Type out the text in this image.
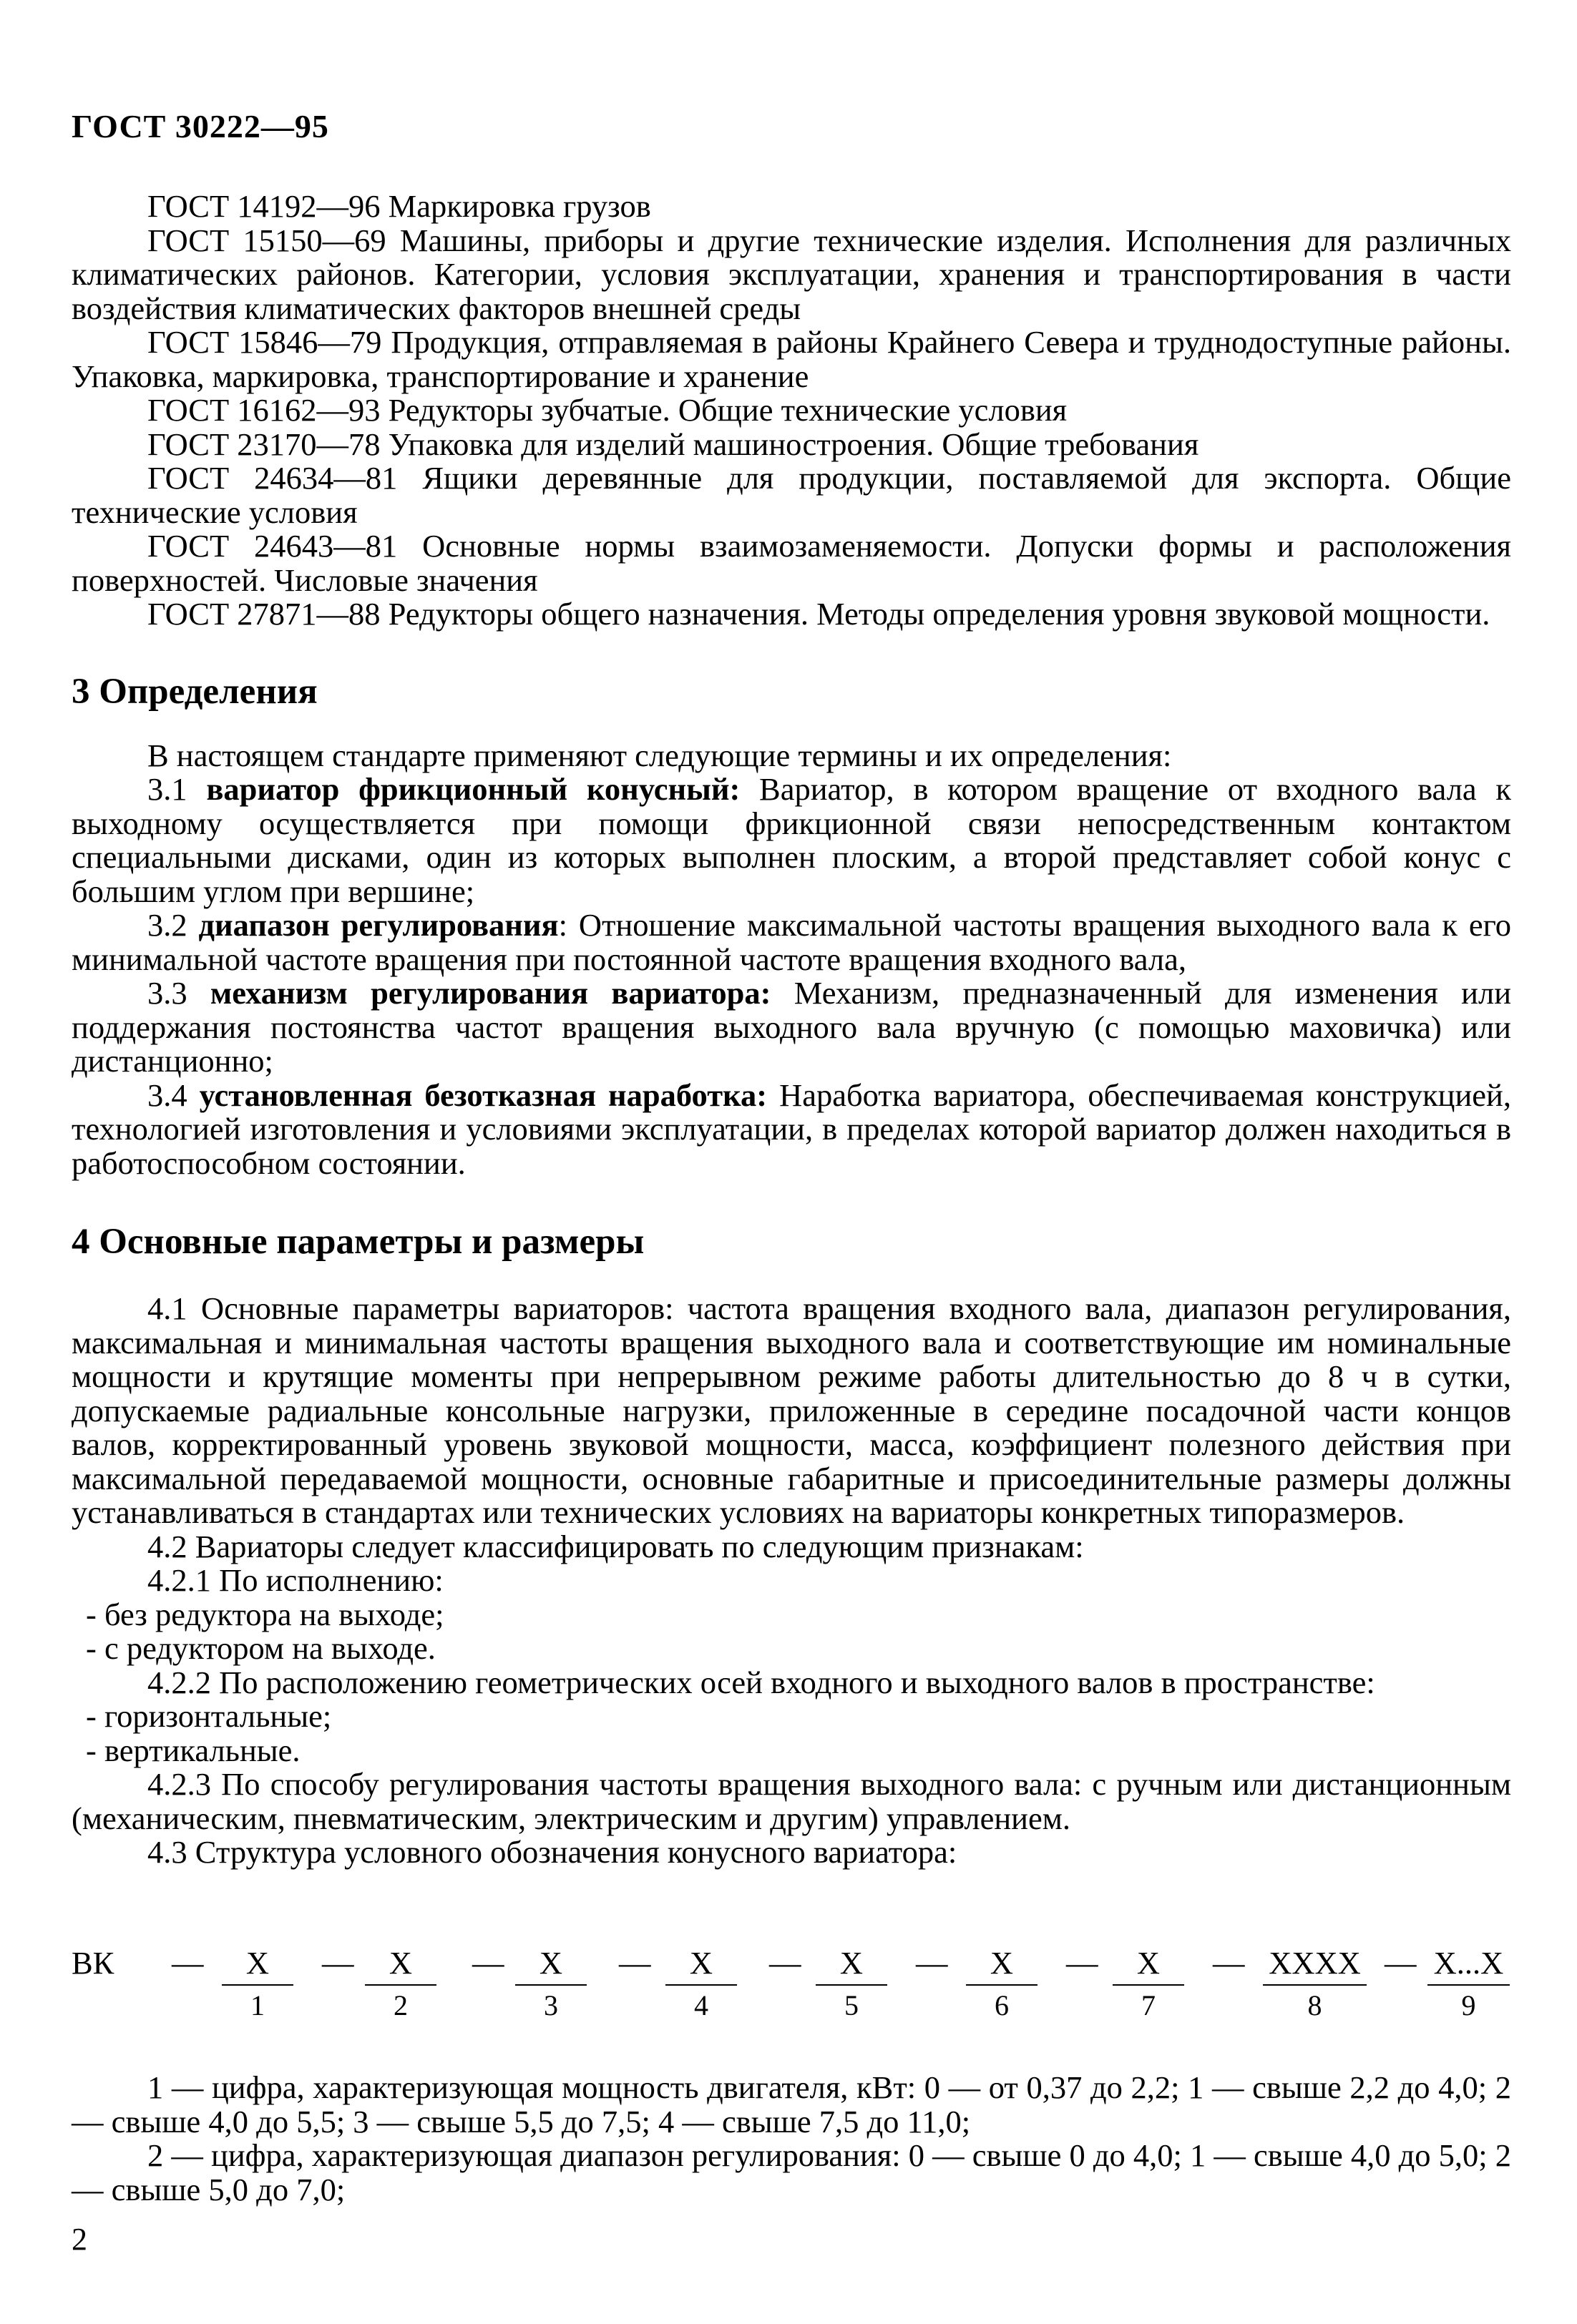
ГОСТ 30222—95

ГОСТ 14192—96 Маркировка грузов

ГОСТ 15150—69 Машины, приборы и другие технические изделия. Исполнения для различных климатических районов. Категории, условия эксплуатации, хранения и транспортирования в части воздействия климатических факторов внешней среды

ГОСТ 15846—79 Продукция, отправляемая в районы Крайнего Севера и труднодоступные районы. Упаковка, маркировка, транспортирование и хранение

ГОСТ 16162—93 Редукторы зубчатые. Общие технические условия

ГОСТ 23170—78 Упаковка для изделий машиностроения. Общие требования

ГОСТ 24634—81 Ящики деревянные для продукции, поставляемой для экспорта. Общие технические условия

ГОСТ 24643—81 Основные нормы взаимозаменяемости. Допуски формы и расположения поверхностей. Числовые значения

ГОСТ 27871—88 Редукторы общего назначения. Методы определения уровня звуковой мощности.

3 Определения

В настоящем стандарте применяют следующие термины и их определения:

3.1 вариатор фрикционный конусный: Вариатор, в котором вращение от входного вала к выходному осуществляется при помощи фрикционной связи непосредственным контактом специальными дисками, один из которых выполнен плоским, а второй представляет собой конус с большим углом при вершине;

3.2 диапазон регулирования: Отношение максимальной частоты вращения выходного вала к его минимальной частоте вращения при постоянной частоте вращения входного вала,

3.3 механизм регулирования вариатора: Механизм, предназначенный для изменения или поддержания постоянства частот вращения выходного вала вручную (с помощью маховичка) или дистанционно;

3.4 установленная безотказная наработка: Наработка вариатора, обеспечиваемая конструкцией, технологией изготовления и условиями эксплуатации, в пределах которой вариатор должен находиться в работоспособном состоянии.

4 Основные параметры и размеры

4.1 Основные параметры вариаторов: частота вращения входного вала, диапазон регулирования, максимальная и минимальная частоты вращения выходного вала и соответствующие им номинальные мощности и крутящие моменты при непрерывном режиме работы длительностью до 8 ч в сутки, допускаемые радиальные консольные нагрузки, приложенные в середине посадочной части концов валов, корректированный уровень звуковой мощности, масса, коэффициент полезного действия при максимальной передаваемой мощности, основные габаритные и присоединительные размеры должны устанавливаться в стандартах или технических условиях на вариаторы конкретных типоразмеров.

4.2 Вариаторы следует классифицировать по следующим признакам:

4.2.1 По исполнению:

- без редуктора на выходе;

- с редуктором на выходе.

4.2.2 По расположению геометрических осей входного и выходного валов в пространстве:

- горизонтальные;

- вертикальные.

4.2.3 По способу регулирования частоты вращения выходного вала: с ручным или дистанционным (механическим, пневматическим, электрическим и другим) управлением.

4.3 Структура условного обозначения конусного вариатора:

ВК —	X
1
—	X
2
—	X
3
—	X
4
—	X
5
—	X
6
—	X
7
— XXXX
8
— X...X
9

1 — цифра, характеризующая мощность двигателя, кВт: 0 — от 0,37 до 2,2; 1 — свыше 2,2 до 4,0; 2 — свыше 4,0 до 5,5; 3 — свыше 5,5 до 7,5; 4 — свыше 7,5 до 11,0;

2 — цифра, характеризующая диапазон регулирования: 0 — свыше 0 до 4,0; 1 — свыше 4,0 до 5,0; 2 — свыше 5,0 до 7,0;

2
